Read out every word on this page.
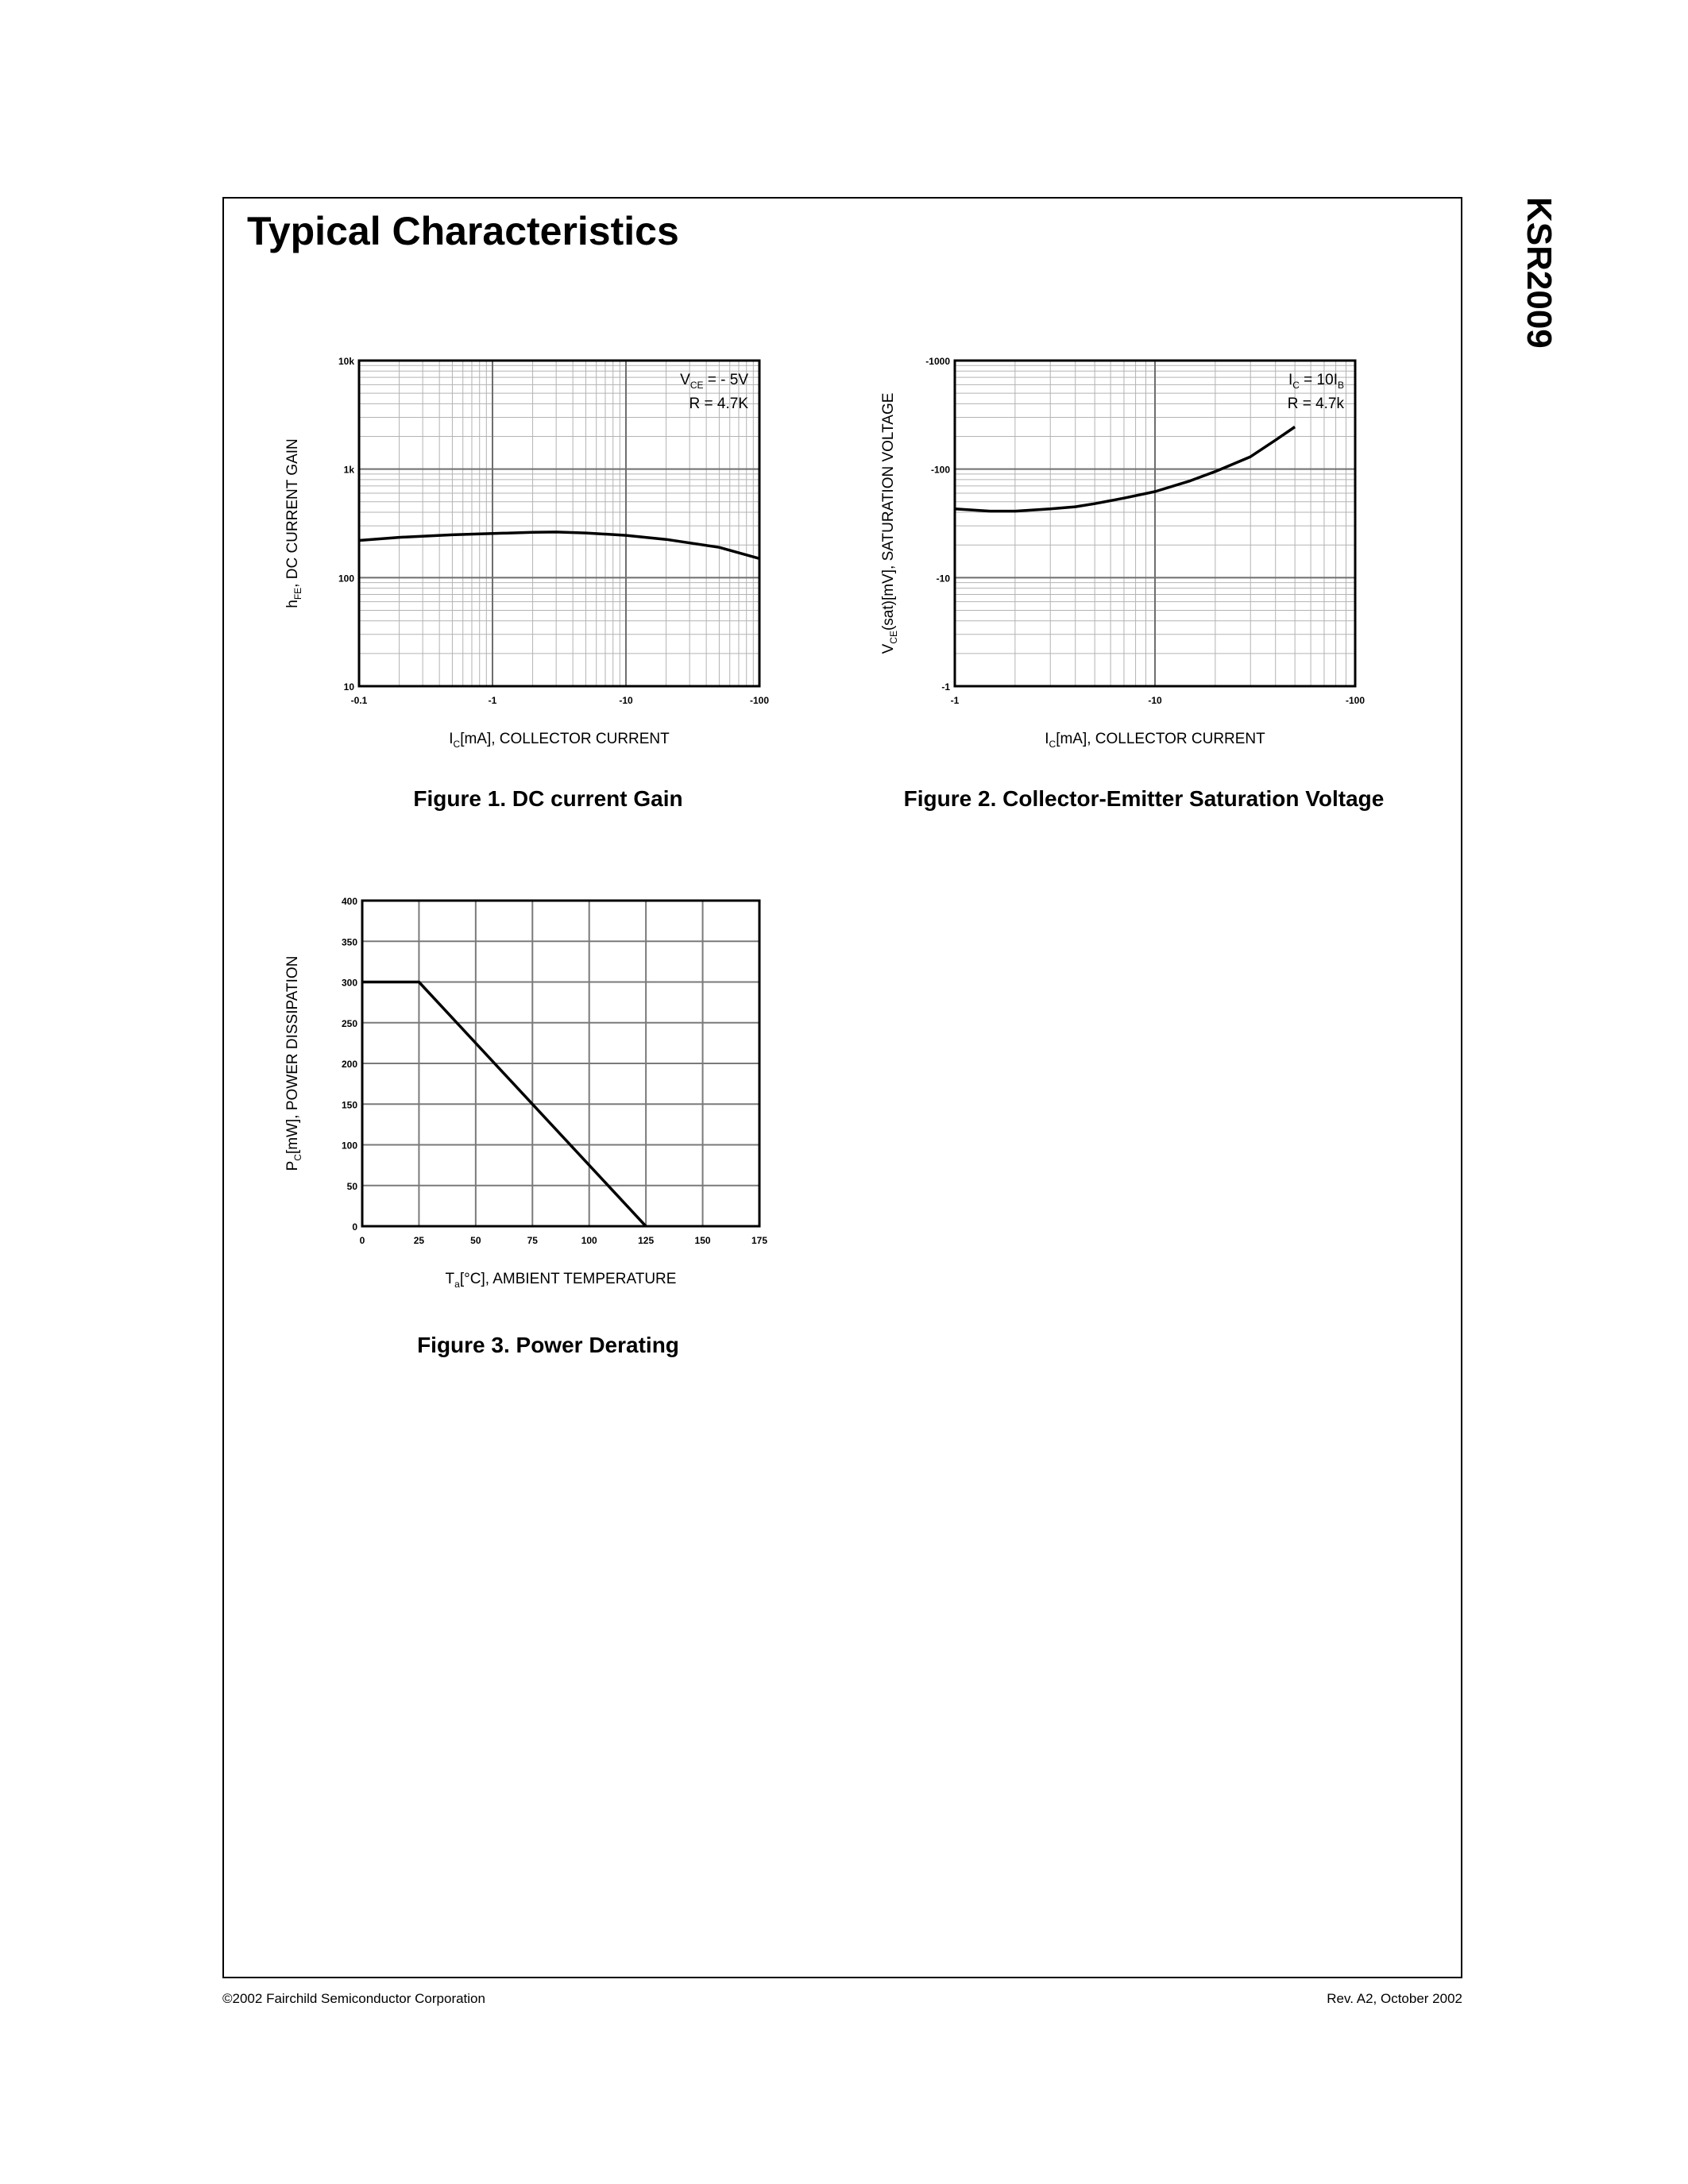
Typical Characteristics	KSR2009
-0.1	-1	-10	-100
10
100
1k
10k
$I_C[mA]$, COLLECTOR CURRENT
$h_{FE}$, DC CURRENT GAIN
$V_{CE}$ = - 5V
R = 4.7K
Figure 1. DC current Gain
-1	-10	-100
-1
-10
-100
-1000
$I_C[mA]$, COLLECTOR CURRENT
$V_{CE}(sat)[mV]$, SATURATION VOLTAGE
$I_C = 10I_B$
R = 4.7k
Figure 2. Collector-Emitter Saturation Voltage
0	25	50	75	100	125	150	175
0
50
100
150
200
250
300
350
400
$T_a[^\circ C]$, AMBIENT TEMPERATURE
$P_C[mW]$, POWER DISSIPATION
Figure 3. Power Derating
©2002 Fairchild Semiconductor Corporation	Rev. A2, October 2002
